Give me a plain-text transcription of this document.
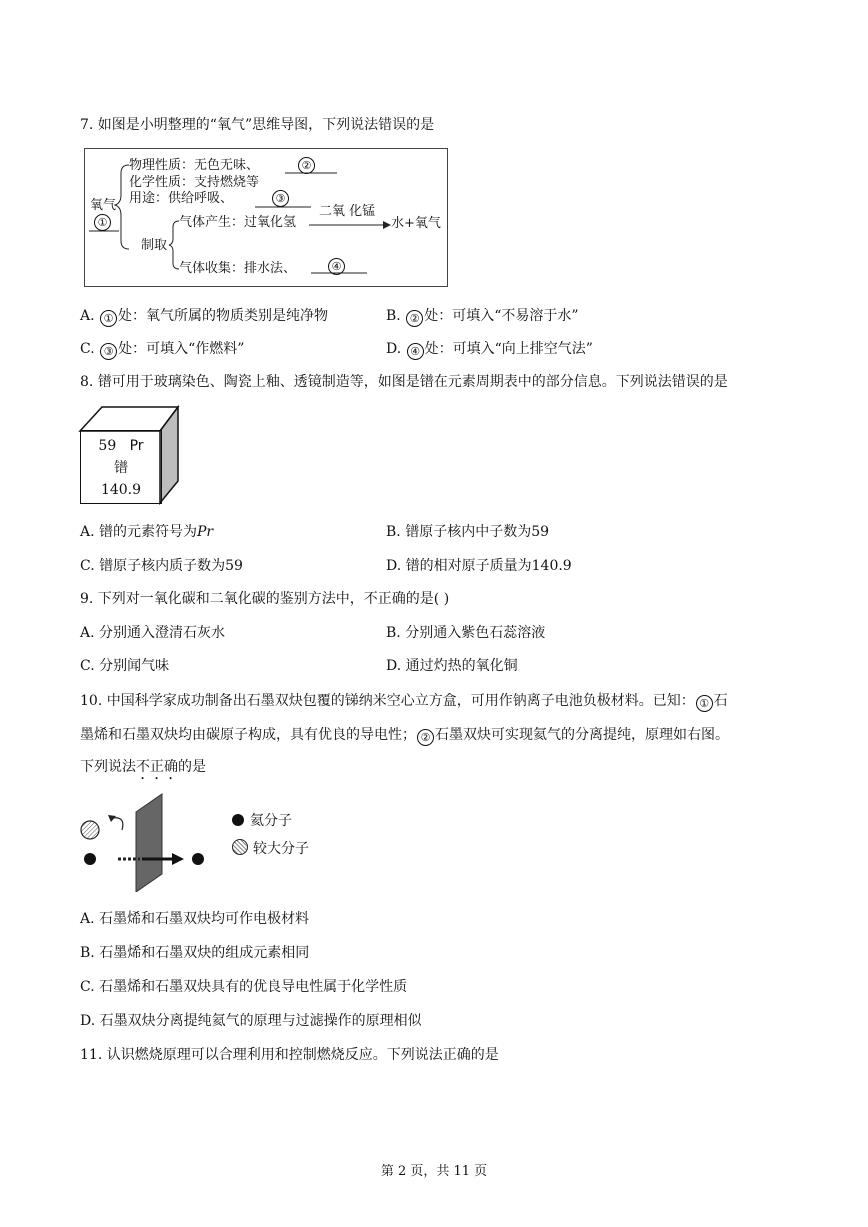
7. 如图是小明整理的“氧气”思维导图，下列说法错误的是
氧气
①
物理性质：无色无味、	②
化学性质：支持燃烧等
用途：供给呼吸、	③
制取
气体产生：过氧化氢
二氧 化锰
水+氧气
气体收集：排水法、	④
A. ① 处：氧气所属的物质类别是纯净物	B. ② 处：可填入“不易溶于水”
C. ③ 处：可填入“作燃料”	D. ④ 处：可填入“向上排空气法”
8. 镨可用于玻璃染色、陶瓷上釉、透镜制造等，如图是镨在元素周期表中的部分信息。下列说法错误的是
59 Pr
镨
140.9
A. 镨的元素符号为Pr	B. 镨原子核内中子数为59
C. 镨原子核内质子数为59	D. 镨的相对原子质量为140.9
9. 下列对一氧化碳和二氧化碳的鉴别方法中，不正确的是( )
A. 分别通入澄清石灰水	B. 分别通入紫色石蕊溶液
C. 分别闻气味	D. 通过灼热的氧化铜
10. 中国科学家成功制备出石墨双炔包覆的锑纳米空心立方盒，可用作钠离子电池负极材料。已知： ① 石
墨烯和石墨双炔均由碳原子构成，具有优良的导电性； ② 石墨双炔可实现氦气的分离提纯，原理如右图。
下列说法不正确的是
氦分子
较大分子
A. 石墨烯和石墨双炔均可作电极材料
B. 石墨烯和石墨双炔的组成元素相同
C. 石墨烯和石墨双炔具有的优良导电性属于化学性质
D. 石墨双炔分离提纯氦气的原理与过滤操作的原理相似
11. 认识燃烧原理可以合理利用和控制燃烧反应。下列说法正确的是
第 2 页，共 11 页
